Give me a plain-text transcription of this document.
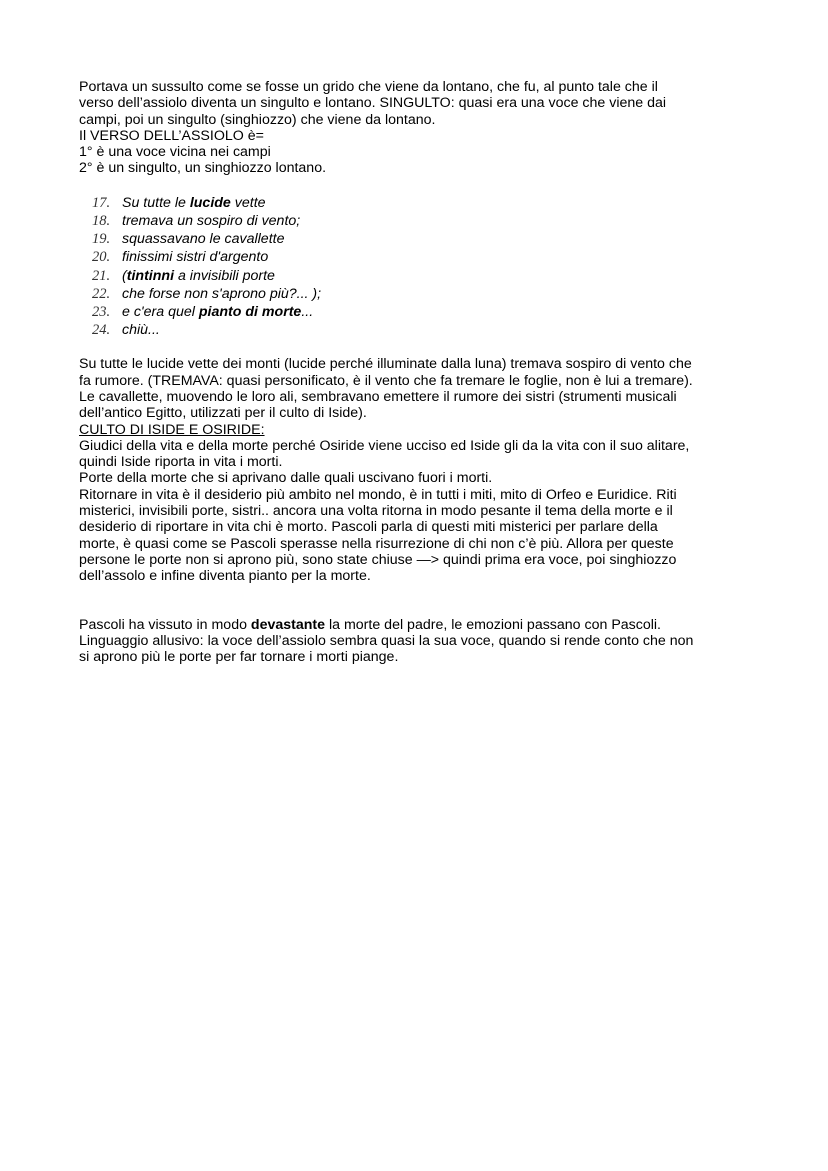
Portava un sussulto come se fosse un grido che viene da lontano, che fu, al punto tale che il

verso dell’assiolo diventa un singulto e lontano. SINGULTO: quasi era una voce che viene dai

campi, poi un singulto (singhiozzo) che viene da lontano.

Il VERSO DELL’ASSIOLO è=

1° è una voce vicina nei campi

2° è un singulto, un singhiozzo lontano.

17. Su tutte le lucide vette
18. tremava un sospiro di vento;
19. squassavano le cavallette
20. finissimi sistri d'argento
21. (tintinni a invisibili porte
22. che forse non s'aprono più?... );
23. e c'era quel pianto di morte...
24. chiù...

Su tutte le lucide vette dei monti (lucide perché illuminate dalla luna) tremava sospiro di vento che

fa rumore. (TREMAVA: quasi personificato, è il vento che fa tremare le foglie, non è lui a tremare).

Le cavallette, muovendo le loro ali, sembravano emettere il rumore dei sistri (strumenti musicali

dell’antico Egitto, utilizzati per il culto di Iside).

CULTO DI ISIDE E OSIRIDE:

Giudici della vita e della morte perché Osiride viene ucciso ed Iside gli da la vita con il suo alitare,

quindi Iside riporta in vita i morti.

Porte della morte che si aprivano dalle quali uscivano fuori i morti.

Ritornare in vita è il desiderio più ambito nel mondo, è in tutti i miti, mito di Orfeo e Euridice. Riti

misterici, invisibili porte, sistri.. ancora una volta ritorna in modo pesante il tema della morte e il

desiderio di riportare in vita chi è morto. Pascoli parla di questi miti misterici per parlare della

morte, è quasi come se Pascoli sperasse nella risurrezione di chi non c’è più. Allora per queste

persone le porte non si aprono più, sono state chiuse —> quindi prima era voce, poi singhiozzo

dell’assolo e infine diventa pianto per la morte.

Pascoli ha vissuto in modo devastante la morte del padre, le emozioni passano con Pascoli.

Linguaggio allusivo: la voce dell’assiolo sembra quasi la sua voce, quando si rende conto che non

si aprono più le porte per far tornare i morti piange.
